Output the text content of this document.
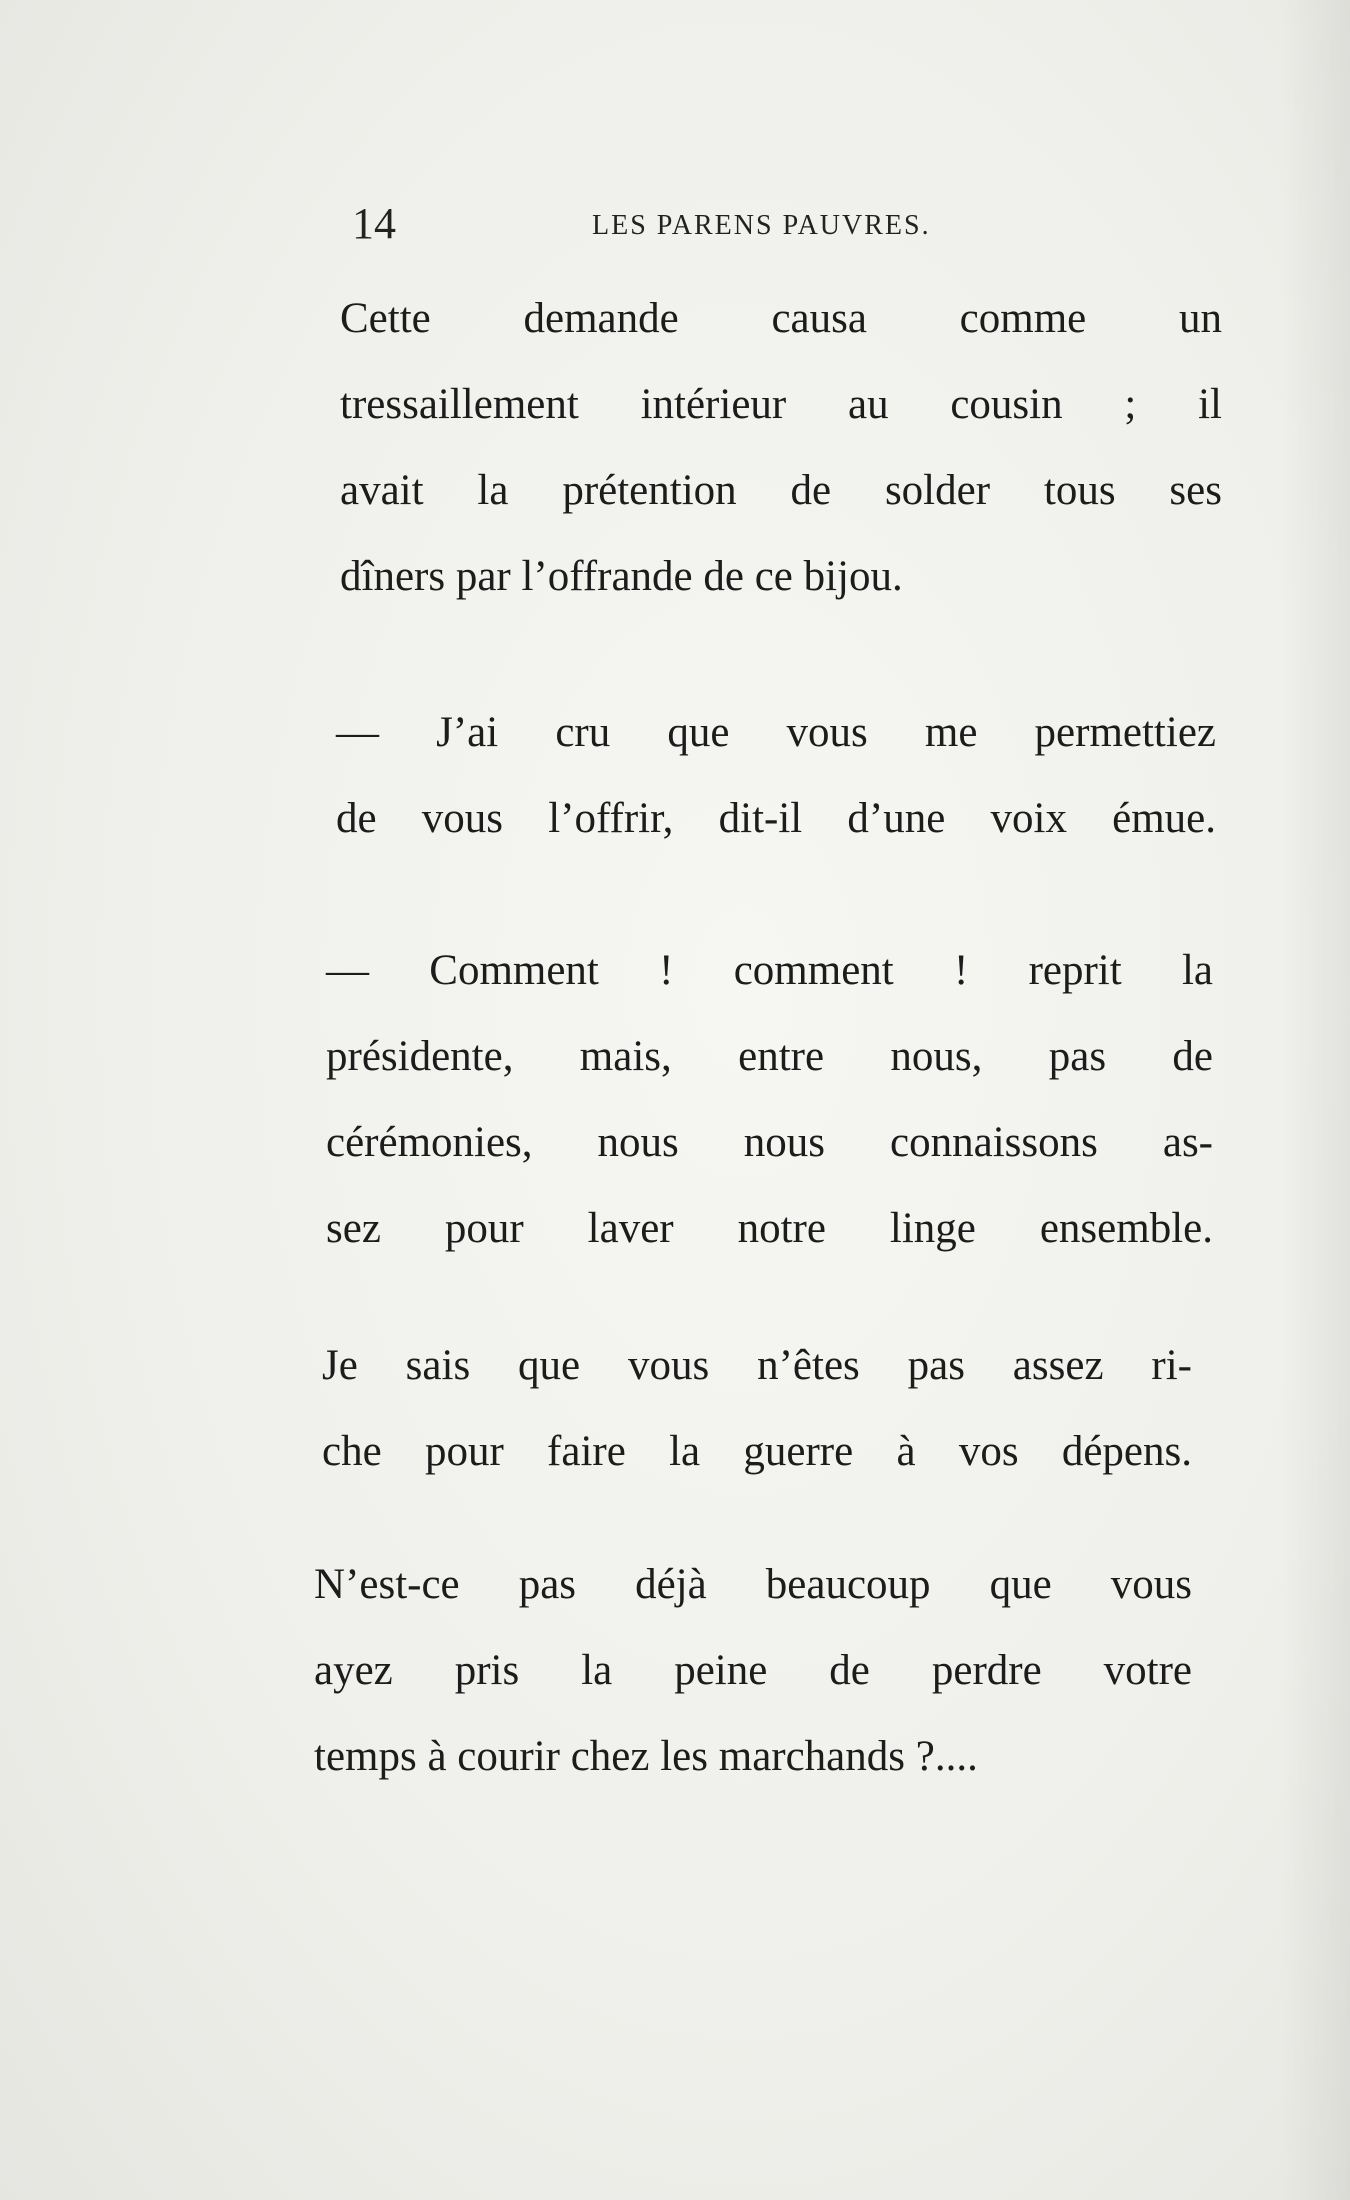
14	LES PARENS PAUVRES.
Cette demande causa comme un
tressaillement intérieur au cousin ; il
avait la prétention de solder tous ses
dîners par l’offrande de ce bijou.
— J’ai cru que vous me permettiez
de vous l’offrir, dit-il d’une voix émue.
— Comment ! comment ! reprit la
présidente, mais, entre nous, pas de
cérémonies, nous nous connaissons as-
sez pour laver notre linge ensemble.
Je sais que vous n’êtes pas assez ri-
che pour faire la guerre à vos dépens.
N’est-ce pas déjà beaucoup que vous
ayez pris la peine de perdre votre
temps à courir chez les marchands ?....
